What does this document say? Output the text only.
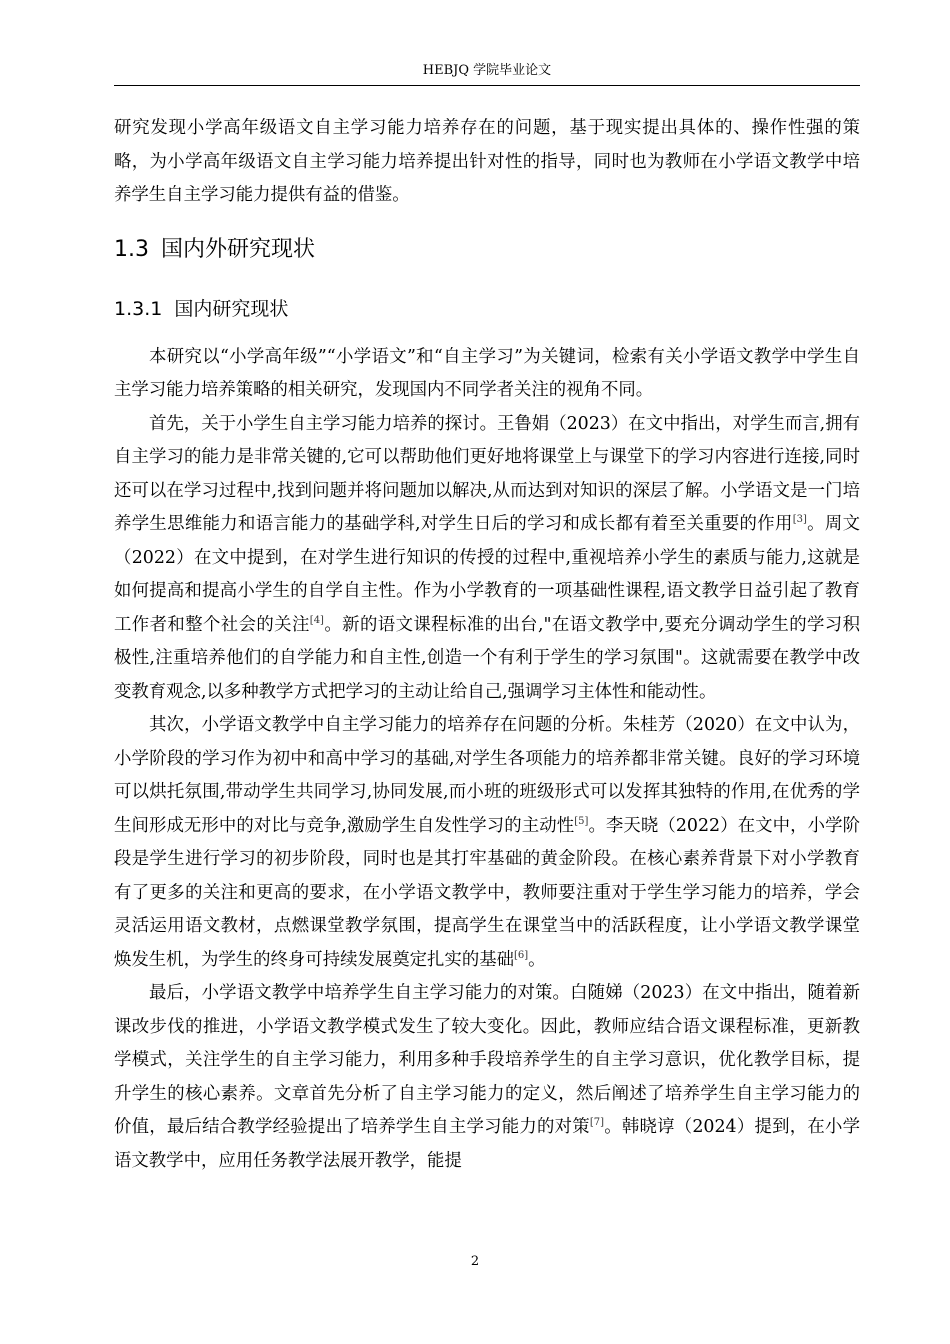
HEBJQ 学院毕业论文

研究发现小学高年级语文自主学习能力培养存在的问题，基于现实提出具体的、操作性强的策略，为小学高年级语文自主学习能力培养提出针对性的指导，同时也为教师在小学语文教学中培养学生自主学习能力提供有益的借鉴。

1.3 国内外研究现状
1.3.1 国内研究现状

本研究以“小学高年级”“小学语文”和“自主学习”为关键词，检索有关小学语文教学中学生自主学习能力培养策略的相关研究，发现国内不同学者关注的视角不同。

首先，关于小学生自主学习能力培养的探讨。王鲁娟（2023）在文中指出，对学生而言,拥有自主学习的能力是非常关键的,它可以帮助他们更好地将课堂上与课堂下的学习内容进行连接,同时还可以在学习过程中,找到问题并将问题加以解决,从而达到对知识的深层了解。小学语文是一门培养学生思维能力和语言能力的基础学科,对学生日后的学习和成长都有着至关重要的作用[3]。周文（2022）在文中提到，在对学生进行知识的传授的过程中,重视培养小学生的素质与能力,这就是如何提高和提高小学生的自学自主性。作为小学教育的一项基础性课程,语文教学日益引起了教育工作者和整个社会的关注[4]。新的语文课程标准的出台,"在语文教学中,要充分调动学生的学习积极性,注重培养他们的自学能力和自主性,创造一个有利于学生的学习氛围"。这就需要在教学中改变教育观念,以多种教学方式把学习的主动让给自己,强调学习主体性和能动性。

其次，小学语文教学中自主学习能力的培养存在问题的分析。朱桂芳（2020）在文中认为，小学阶段的学习作为初中和高中学习的基础,对学生各项能力的培养都非常关键。良好的学习环境可以烘托氛围,带动学生共同学习,协同发展,而小班的班级形式可以发挥其独特的作用,在优秀的学生间形成无形中的对比与竞争,激励学生自发性学习的主动性[5]。李天晓（2022）在文中，小学阶段是学生进行学习的初步阶段，同时也是其打牢基础的黄金阶段。在核心素养背景下对小学教育有了更多的关注和更高的要求，在小学语文教学中，教师要注重对于学生学习能力的培养，学会灵活运用语文教材，点燃课堂教学氛围，提高学生在课堂当中的活跃程度，让小学语文教学课堂焕发生机，为学生的终身可持续发展奠定扎实的基础[6]。

最后，小学语文教学中培养学生自主学习能力的对策。白随娣（2023）在文中指出，随着新课改步伐的推进，小学语文教学模式发生了较大变化。因此，教师应结合语文课程标准，更新教学模式，关注学生的自主学习能力，利用多种手段培养学生的自主学习意识，优化教学目标，提升学生的核心素养。文章首先分析了自主学习能力的定义，然后阐述了培养学生自主学习能力的价值，最后结合教学经验提出了培养学生自主学习能力的对策[7]。韩晓谆（2024）提到，在小学语文教学中，应用任务教学法展开教学，能提

2
